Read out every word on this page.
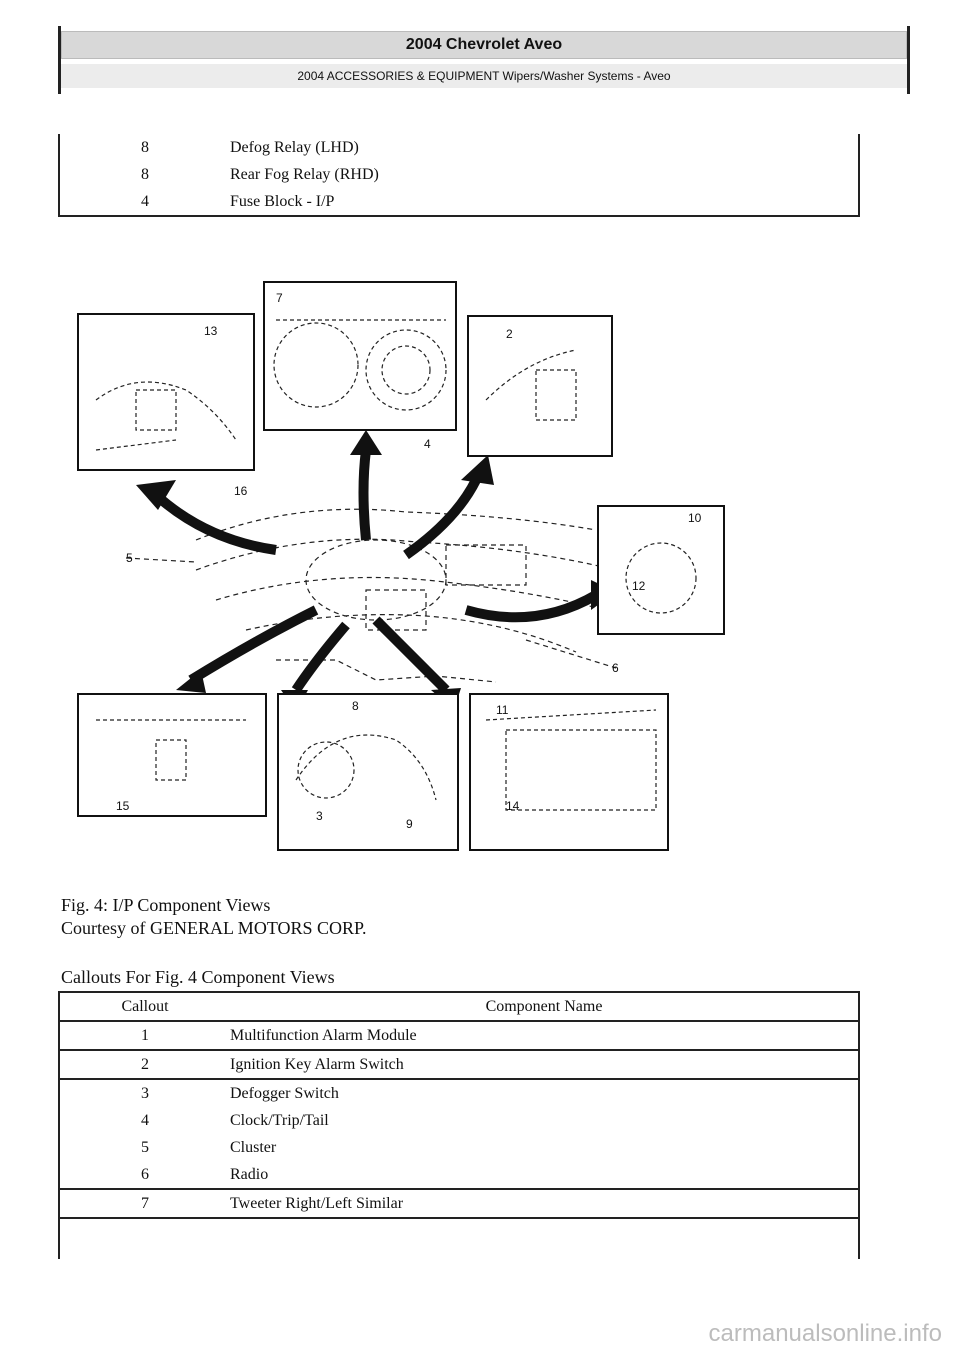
2004 Chevrolet Aveo
2004 ACCESSORIES & EQUIPMENT Wipers/Washer Systems - Aveo
8	Defog Relay (LHD)
8	Rear Fog Relay (RHD)
4	Fuse Block - I/P
13
7
2
4
16
5
10
12
6
15
8	11
3
9
14
Fig. 4: I/P Component Views
Courtesy of GENERAL MOTORS CORP.
Callouts For Fig. 4 Component Views
Callout	Component Name
1	Multifunction Alarm Module
2	Ignition Key Alarm Switch
3	Defogger Switch
4	Clock/Trip/Tail
5	Cluster
6	Radio
7	Tweeter Right/Left Similar

carmanualsonline.info
